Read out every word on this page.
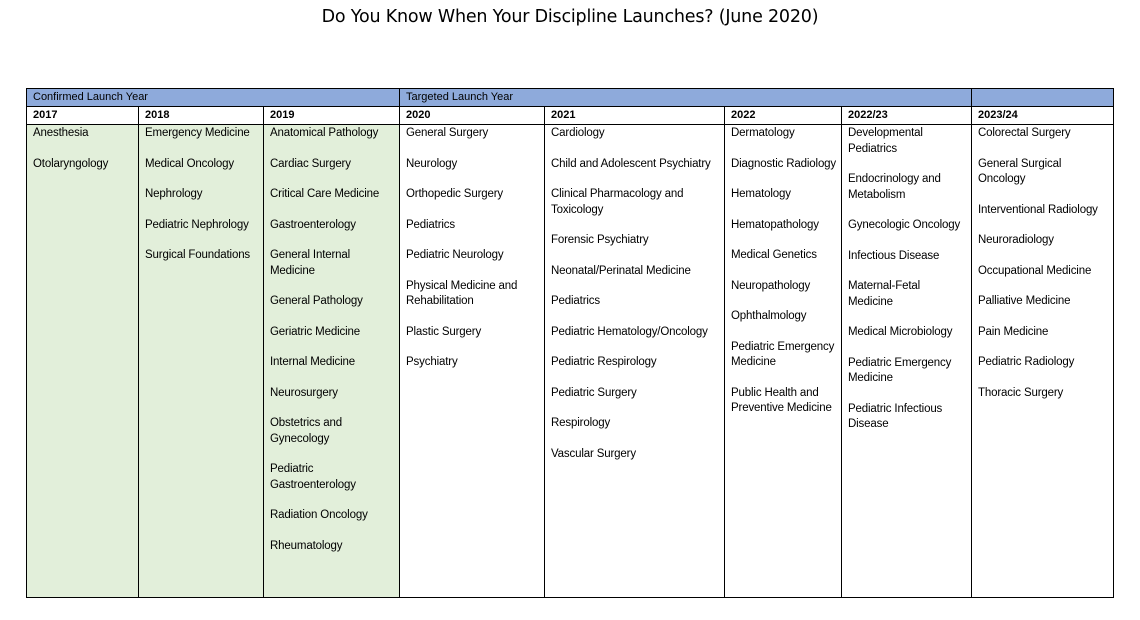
Do You Know When Your Discipline Launches? (June 2020)
Confirmed Launch Year	Targeted Launch Year
2017
Anesthesia
Otolaryngology
2018
Emergency Medicine
Medical Oncology
Nephrology
Pediatric Nephrology
Surgical Foundations
2019
Anatomical Pathology
Cardiac Surgery
Critical Care Medicine
Gastroenterology
General Internal Medicine
General Pathology
Geriatric Medicine
Internal Medicine
Neurosurgery
Obstetrics and Gynecology
Pediatric Gastroenterology
Radiation Oncology
Rheumatology
2020
General Surgery
Neurology
Orthopedic Surgery
Pediatrics
Pediatric Neurology
Physical Medicine and Rehabilitation
Plastic Surgery
Psychiatry
2021
Cardiology
Child and Adolescent Psychiatry
Clinical Pharmacology and Toxicology
Forensic Psychiatry
Neonatal/Perinatal Medicine
Pediatrics
Pediatric Hematology/Oncology
Pediatric Respirology
Pediatric Surgery
Respirology
Vascular Surgery
2022
Dermatology
Diagnostic Radiology
Hematology
Hematopathology
Medical Genetics
Neuropathology
Ophthalmology
Pediatric Emergency Medicine
Public Health and Preventive Medicine
2022/23
Developmental Pediatrics
Endocrinology and Metabolism
Gynecologic Oncology
Infectious Disease
Maternal-Fetal Medicine
Medical Microbiology
Pediatric Emergency Medicine
Pediatric Infectious Disease
2023/24
Colorectal Surgery
General Surgical Oncology
Interventional Radiology
Neuroradiology
Occupational Medicine
Palliative Medicine
Pain Medicine
Pediatric Radiology
Thoracic Surgery
